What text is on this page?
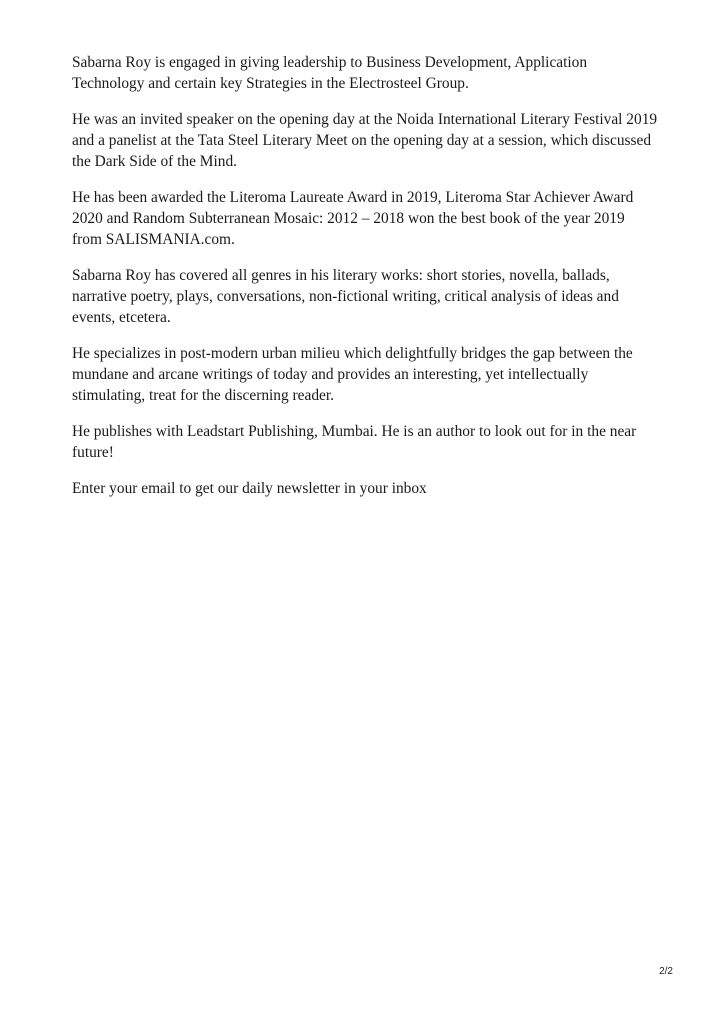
Sabarna Roy is engaged in giving leadership to Business Development, Application Technology and certain key Strategies in the Electrosteel Group.

He was an invited speaker on the opening day at the Noida International Literary Festival 2019 and a panelist at the Tata Steel Literary Meet on the opening day at a session, which discussed the Dark Side of the Mind.

He has been awarded the Literoma Laureate Award in 2019, Literoma Star Achiever Award 2020 and Random Subterranean Mosaic: 2012 – 2018 won the best book of the year 2019 from SALISMANIA.com.

Sabarna Roy has covered all genres in his literary works: short stories, novella, ballads, narrative poetry, plays, conversations, non-fictional writing, critical analysis of ideas and events, etcetera.

He specializes in post-modern urban milieu which delightfully bridges the gap between the mundane and arcane writings of today and provides an interesting, yet intellectually stimulating, treat for the discerning reader.

He publishes with Leadstart Publishing, Mumbai. He is an author to look out for in the near future!

Enter your email to get our daily newsletter in your inbox

2/2
